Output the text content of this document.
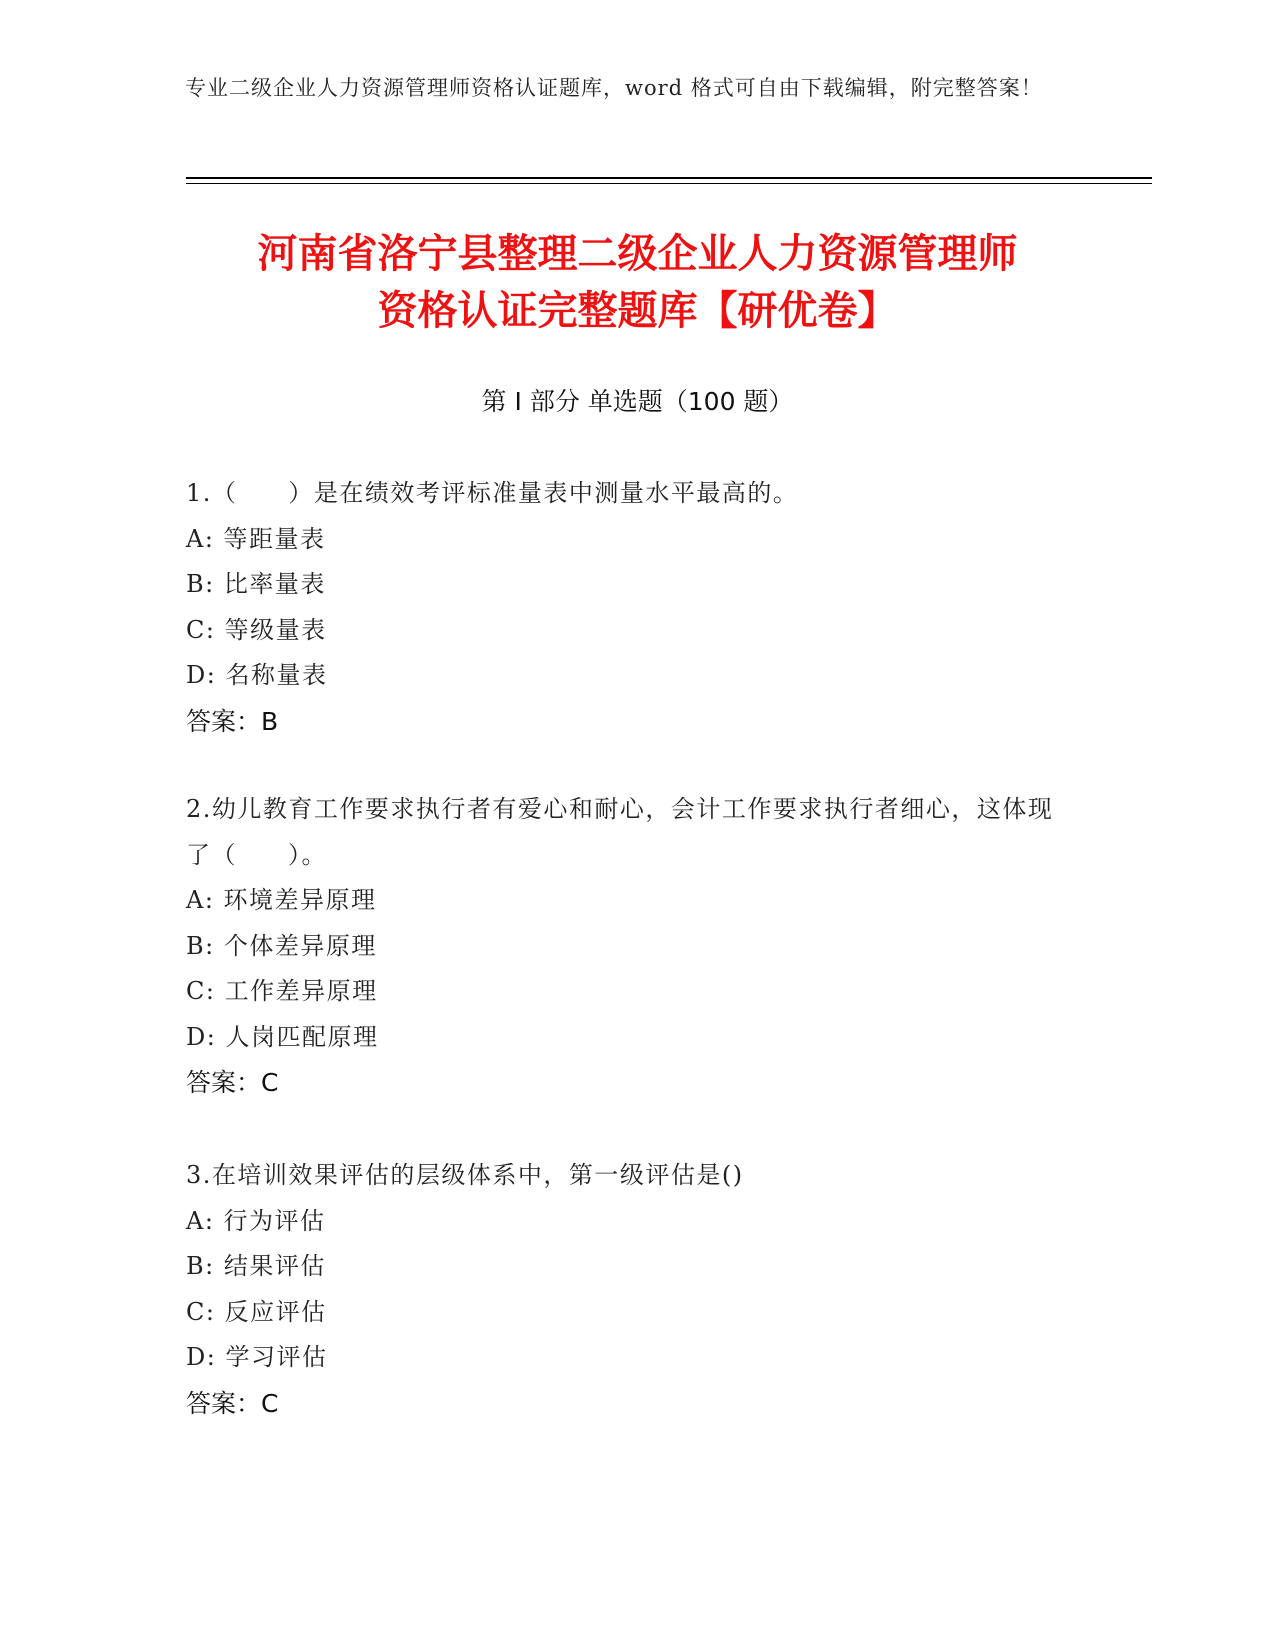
专业二级企业人力资源管理师资格认证题库，word 格式可自由下载编辑，附完整答案！
河南省洛宁县整理二级企业人力资源管理师
资格认证完整题库【研优卷】
第 I 部分 单选题（100 题）
1.（　　）是在绩效考评标准量表中测量水平最高的。
A: 等距量表
B: 比率量表
C: 等级量表
D: 名称量表
答案：B
2.幼儿教育工作要求执行者有爱心和耐心，会计工作要求执行者细心，这体现了（　　）。
A: 环境差异原理
B: 个体差异原理
C: 工作差异原理
D: 人岗匹配原理
答案：C
3.在培训效果评估的层级体系中，第一级评估是()
A: 行为评估
B: 结果评估
C: 反应评估
D: 学习评估
答案：C
